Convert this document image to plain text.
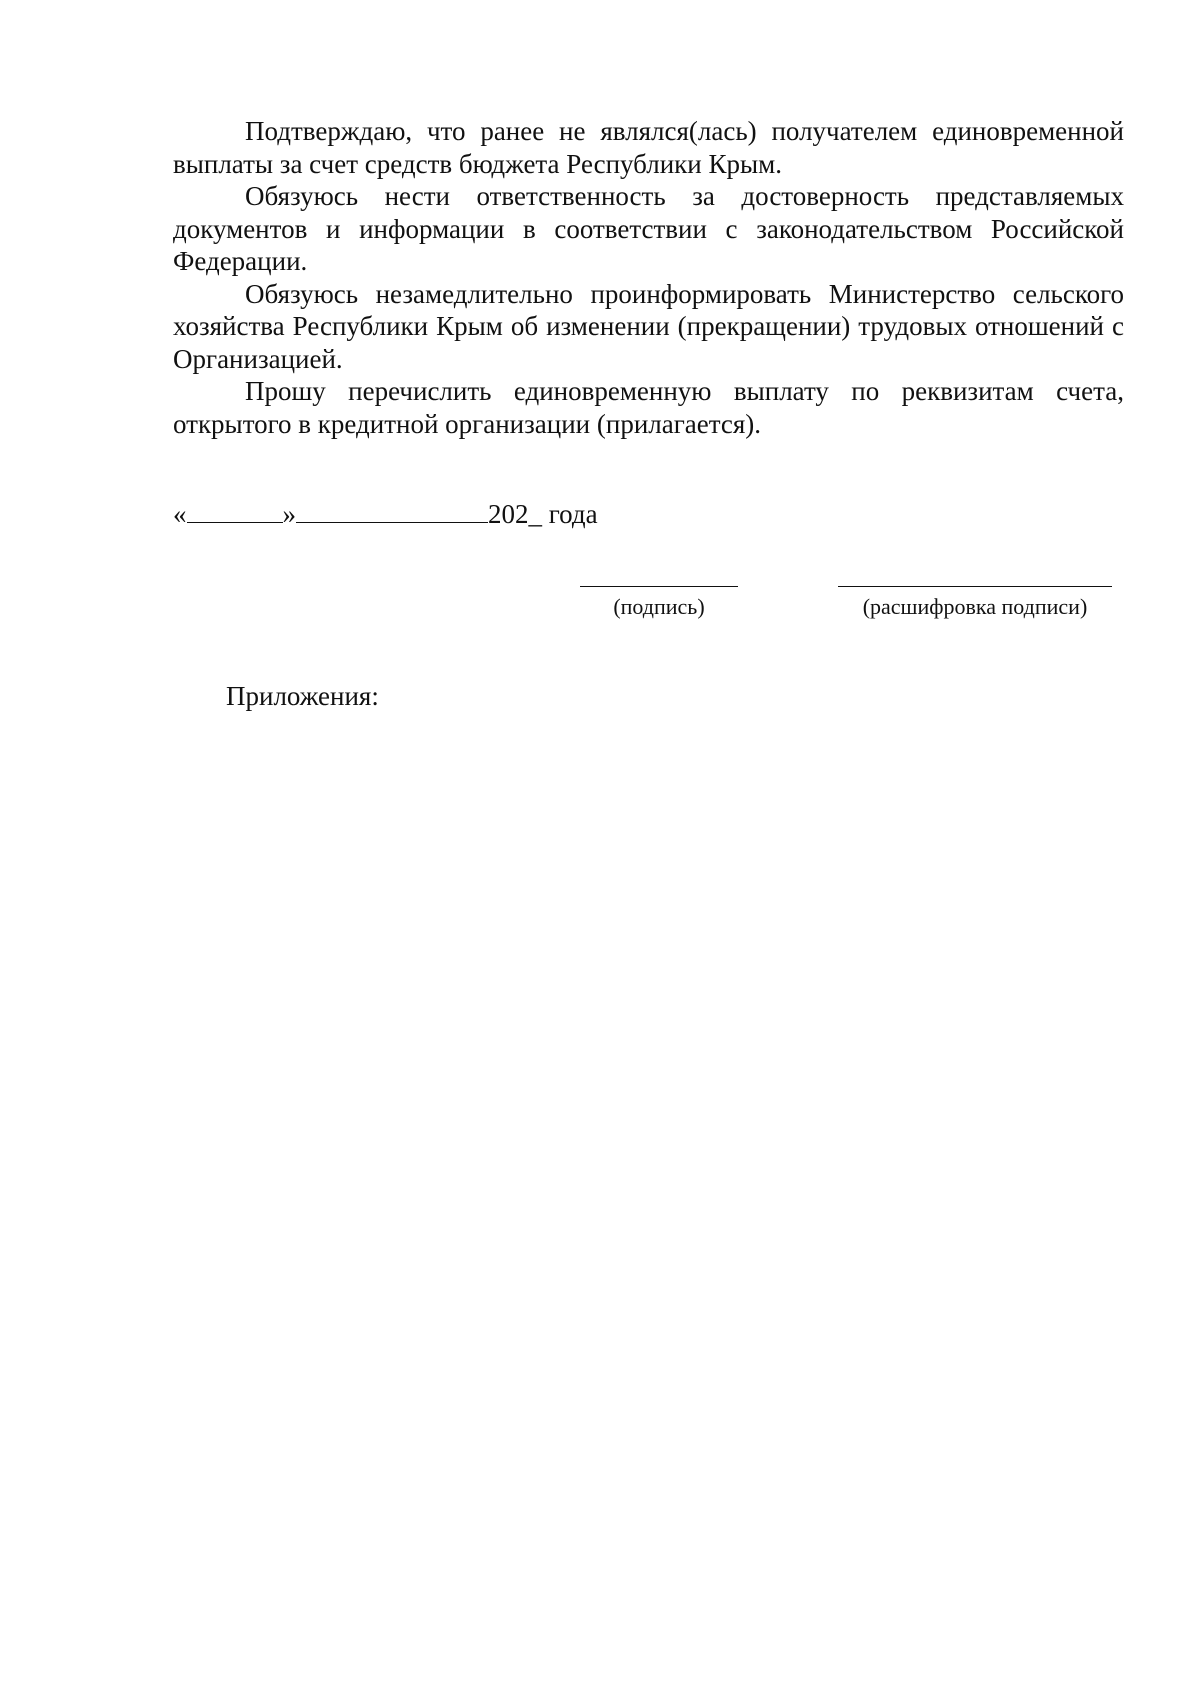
Подтверждаю, что ранее не являлся(лась) получателем единовременной выплаты за счет средств бюджета Республики Крым.

Обязуюсь нести ответственность за достоверность представляемых документов и информации в соответствии с законодательством Российской Федерации.

Обязуюсь незамедлительно проинформировать Министерство сельского хозяйства Республики Крым об изменении (прекращении) трудовых отношений с Организацией.

Прошу перечислить единовременную выплату по реквизитам счета, открытого в кредитной организации (прилагается).

«	»	202_ года
(подпись)	(расшифровка подписи)
Приложения:
